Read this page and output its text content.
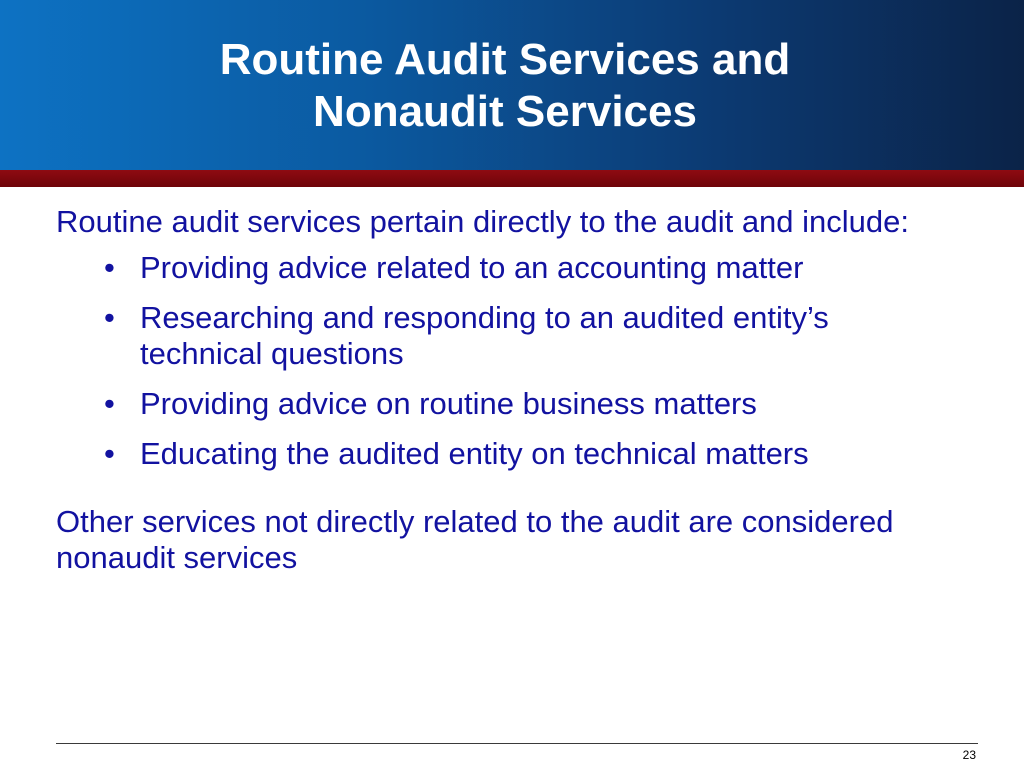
Routine Audit Services and
Nonaudit Services

Routine audit services pertain directly to the audit and include:

• Providing advice related to an accounting matter
• Researching and responding to an audited entity’s technical questions
• Providing advice on routine business matters
• Educating the audited entity on technical matters

Other services not directly related to the audit are considered nonaudit services

23
